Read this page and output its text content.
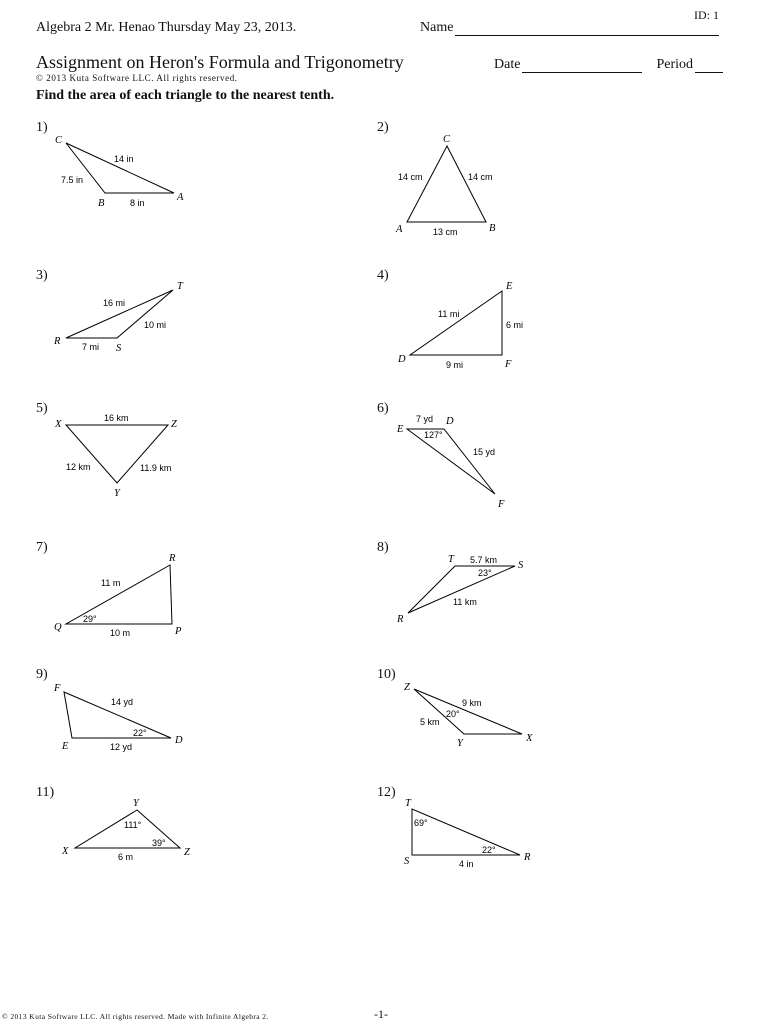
Algebra 2 Mr. Henao Thursday May 23, 2013.	Name
ID: 1
Assignment on Heron's Formula and Trigonometry
© 2013 Kuta Software LLC. All rights reserved.
Date	Period
Find the area of each triangle to the nearest tenth.
1)	2)
3)	4)
5)	6)
7)	8)
9)	10)
11)	12)
C
B
A
14 in
7.5 in
8 in
C
A	B
14 cm	14 cm
13 cm
T
R
S
16 mi
10 mi
7 mi
E
D	F
11 mi
6 mi
9 mi
X	Z
Y
16 km
12 km	11.9 km
E
D
F
7 yd
127°
15 yd
R
Q	P
11 m
29°
10 m
T
S
R
5.7 km
23°
11 km
F
E
D
14 yd
22°
12 yd
Z
Y	X
9 km
20°
5 km
Y
X	Z
111°
39°
6 m
T
S	R
69°
22°
4 in
© 2013 Kuta Software LLC. All rights reserved. Made with Infinite Algebra 2.	-1-
